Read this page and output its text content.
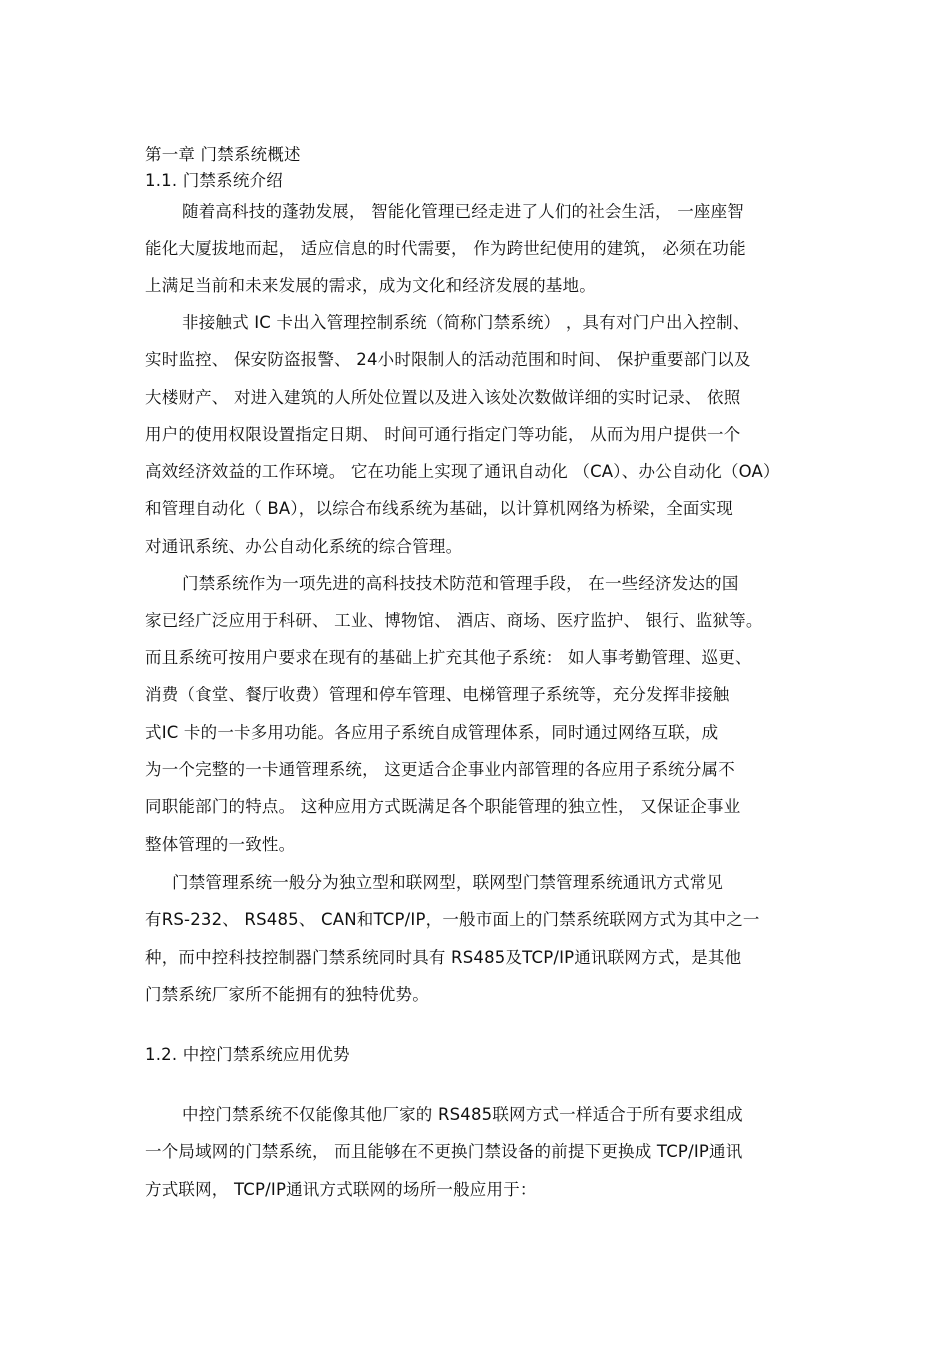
第一章 门禁系统概述
1.1. 门禁系统介绍
随着高科技的蓬勃发展， 智能化管理已经走进了人们的社会生活， 一座座智
能化大厦拔地而起， 适应信息的时代需要， 作为跨世纪使用的建筑， 必须在功能
上满足当前和未来发展的需求，成为文化和经济发展的基地。
非接触式 IC 卡出入管理控制系统（简称门禁系统） ，具有对门户出入控制、
实时监控、 保安防盗报警、 24小时限制人的活动范围和时间、 保护重要部门以及
大楼财产、 对进入建筑的人所处位置以及进入该处次数做详细的实时记录、 依照
用户的使用权限设置指定日期、 时间可通行指定门等功能， 从而为用户提供一个
高效经济效益的工作环境。 它在功能上实现了通讯自动化 （CA）、办公自动化（OA）
和管理自动化（ BA），以综合布线系统为基础，以计算机网络为桥梁，全面实现
对通讯系统、办公自动化系统的综合管理。
门禁系统作为一项先进的高科技技术防范和管理手段， 在一些经济发达的国
家已经广泛应用于科研、 工业、博物馆、 酒店、商场、医疗监护、 银行、监狱等。
而且系统可按用户要求在现有的基础上扩充其他子系统： 如人事考勤管理、巡更、
消费（食堂、餐厅收费）管理和停车管理、电梯管理子系统等，充分发挥非接触
式IC 卡的一卡多用功能。各应用子系统自成管理体系，同时通过网络互联，成
为一个完整的一卡通管理系统， 这更适合企事业内部管理的各应用子系统分属不
同职能部门的特点。 这种应用方式既满足各个职能管理的独立性， 又保证企事业
整体管理的一致性。
门禁管理系统一般分为独立型和联网型，联网型门禁管理系统通讯方式常见
有RS-232、 RS485、 CAN和TCP/IP，一般市面上的门禁系统联网方式为其中之一
种，而中控科技控制器门禁系统同时具有 RS485及TCP/IP通讯联网方式，是其他
门禁系统厂家所不能拥有的独特优势。
1.2. 中控门禁系统应用优势
中控门禁系统不仅能像其他厂家的 RS485联网方式一样适合于所有要求组成
一个局域网的门禁系统， 而且能够在不更换门禁设备的前提下更换成 TCP/IP通讯
方式联网， TCP/IP通讯方式联网的场所一般应用于：
